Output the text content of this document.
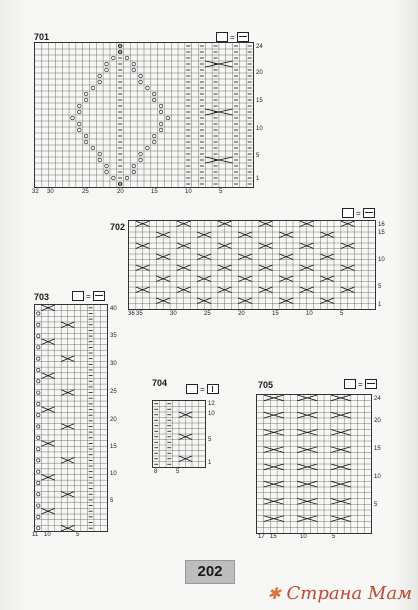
701	=
24
20
15
10
5
1
32 30	25	20	15	10	5
702
=
16
15
10
5
1
36 35	30	25	20	15	10	5
703	=
40
35
30
25
20
15
10
5
11 10	5
704
=
12
10
5
1
8	5
705	=
24
20
15
10
5
17 15	10	5
202
✱ Страна Мам
